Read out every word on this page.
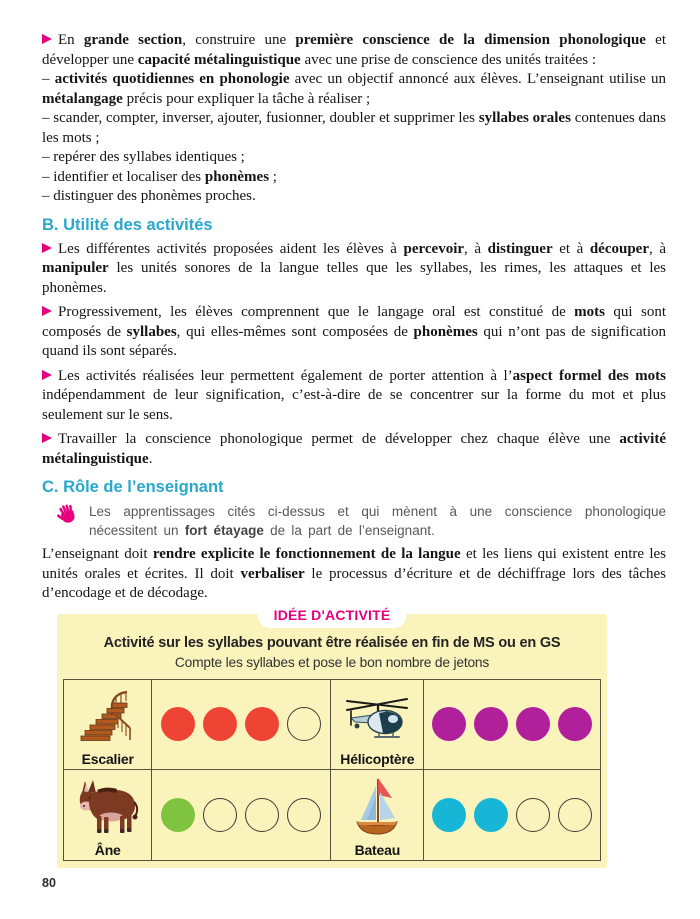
En grande section, construire une première conscience de la dimension phonologique et développer une capacité métalinguistique avec une prise de conscience des unités traitées :

– activités quotidiennes en phonologie avec un objectif annoncé aux élèves. L’enseignant utilise un métalangage précis pour expliquer la tâche à réaliser ;

– scander, compter, inverser, ajouter, fusionner, doubler et supprimer les syllabes orales contenues dans les mots ;

– repérer des syllabes identiques ;

– identifier et localiser des phonèmes ;

– distinguer des phonèmes proches.

B. Utilité des activités

Les différentes activités proposées aident les élèves à percevoir, à distinguer et à découper, à manipuler les unités sonores de la langue telles que les syllabes, les rimes, les attaques et les phonèmes.

Progressivement, les élèves comprennent que le langage oral est constitué de mots qui sont composés de syllabes, qui elles-mêmes sont composées de phonèmes qui n’ont pas de signification quand ils sont séparés.

Les activités réalisées leur permettent également de porter attention à l’aspect formel des mots indépendamment de leur signification, c’est-à-dire de se concentrer sur la forme du mot et plus seulement sur le sens.

Travailler la conscience phonologique permet de développer chez chaque élève une activité métalinguistique.

C. Rôle de l’enseignant
Les apprentissages cités ci-dessus et qui mènent à une conscience phonologique nécessitent un fort étayage de la part de l’enseignant.

L’enseignant doit rendre explicite le fonctionnement de la langue et les liens qui existent entre les unités orales et écrites. Il doit verbaliser le processus d’écriture et de déchiffrage lors des tâches d’encodage et de décodage.

IDÉE D'ACTIVITÉ
Activité sur les syllabes pouvant être réalisée en fin de MS ou en GS
Compte les syllabes et pose le bon nombre de jetons
Escalier	Hélicoptère
Âne	Bateau
80
